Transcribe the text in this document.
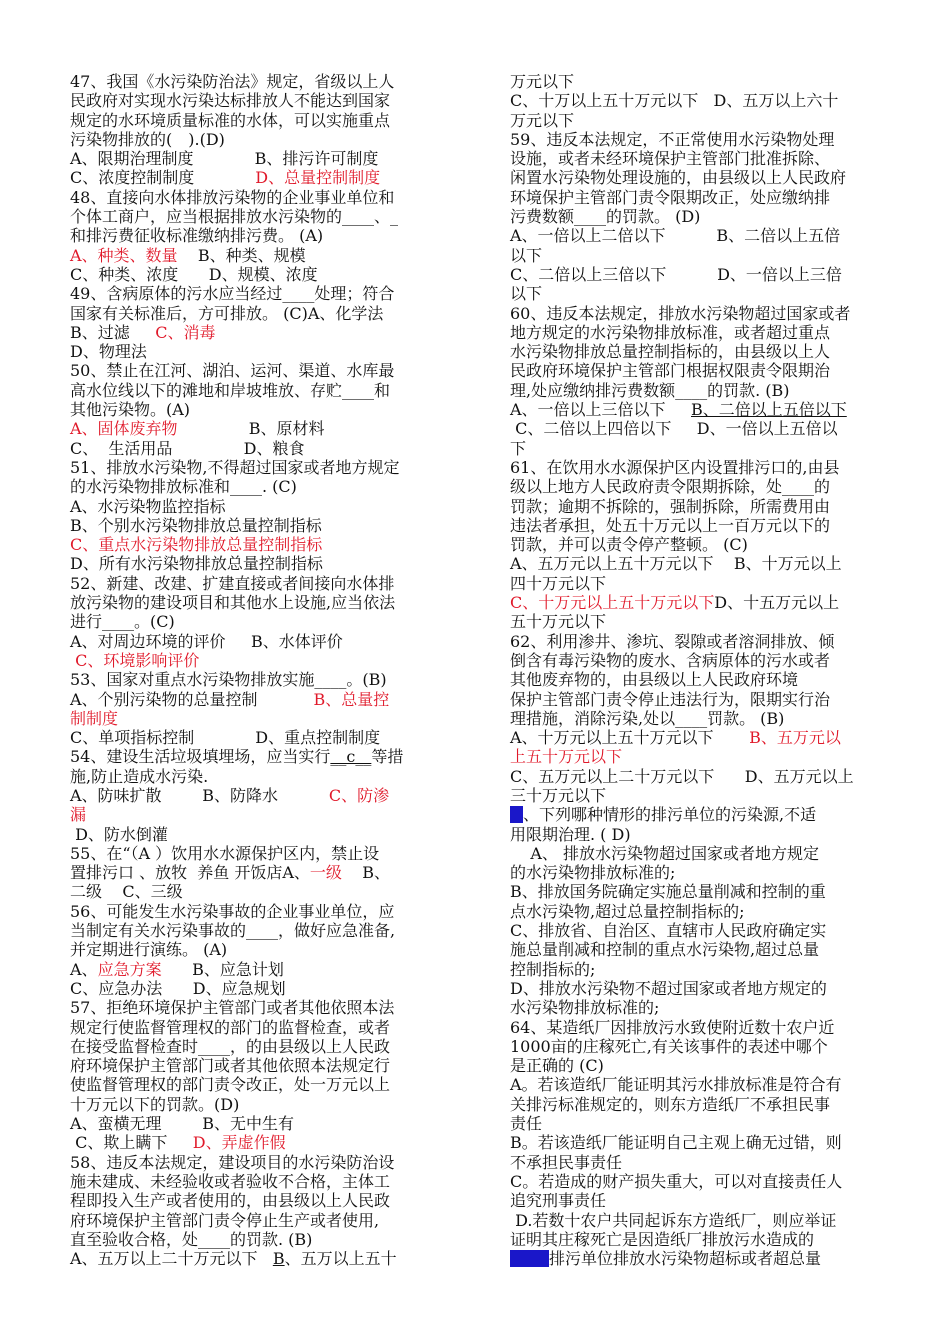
47、我国《水污染防治法》规定，省级以上人
民政府对实现水污染达标排放人不能达到国家
规定的水环境质量标准的水体，可以实施重点
污染物排放的(　).(D)
A、限期治理制度            B、排污许可制度
C、浓度控制制度            D、总量控制制度
48、直接向水体排放污染物的企业事业单位和
个体工商户，应当根据排放水污染物的____、_
和排污费征收标准缴纳排污费。 (A)
A、种类、数量    B、种类、规模
C、种类、浓度      D、规模、浓度
49、含病原体的污水应当经过____处理；符合
国家有关标准后，方可排放。 (C)A、化学法
B、过滤     C、消毒
D、物理法
50、禁止在江河、湖泊、运河、渠道、水库最
高水位线以下的滩地和岸坡堆放、存贮____和
其他污染物。(A)
A、固体废弃物              B、原材料
C、  生活用品              D、粮食
51、排放水污染物,不得超过国家或者地方规定
的水污染物排放标准和____. (C)
A、水污染物监控指标
B、个别水污染物排放总量控制指标
C、重点水污染物排放总量控制指标
D、所有水污染物排放总量控制指标
52、新建、改建、扩建直接或者间接向水体排
放污染物的建设项目和其他水上设施,应当依法
进行____。(C)
A、对周边环境的评价     B、水体评价
C、环境影响评价
53、国家对重点水污染物排放实施____。(B)
A、个别污染物的总量控制           B、总量控
制制度
C、单项指标控制            D、重点控制制度
54、建设生活垃圾填埋场，应当实行__c__等措
施,防止造成水污染.
A、防味扩散        B、防降水          C、防渗
漏
D、防水倒灌
55、在“（A ）饮用水水源保护区内，禁止设
置排污口 、放牧  养鱼 开饭店A、一级    B、
二级    C、三级
56、可能发生水污染事故的企业事业单位，应
当制定有关水污染事故的____，做好应急准备,
并定期进行演练。 (A)
A、应急方案      B、应急计划
C、应急办法      D、应急规划
57、拒绝环境保护主管部门或者其他依照本法
规定行使监督管理权的部门的监督检查，或者
在接受监督检查时____，的由县级以上人民政
府环境保护主管部门或者其他依照本法规定行
使监督管理权的部门责令改正，处一万元以上
十万元以下的罚款。(D)
A、蛮横无理        B、无中生有
C、欺上瞒下     D、弄虚作假
58、违反本法规定，建设项目的水污染防治设
施未建成、未经验收或者验收不合格，主体工
程即投入生产或者使用的，由县级以上人民政
府环境保护主管部门责令停止生产或者使用,
直至验收合格，处____的罚款. (B)
A、五万以上二十万元以下   B、五万以上五十
万元以下
C、十万以上五十万元以下   D、五万以上六十
万元以下
59、违反本法规定，不正常使用水污染物处理
设施，或者未经环境保护主管部门批准拆除、
闲置水污染物处理设施的，由县级以上人民政府
环境保护主管部门责令限期改正，处应缴纳排
污费数额____的罚款。 (D)
A、一倍以上二倍以下          B、二倍以上五倍
以下
C、二倍以上三倍以下          D、一倍以上三倍
以下
60、违反本法规定，排放水污染物超过国家或者
地方规定的水污染物排放标准，或者超过重点
水污染物排放总量控制指标的，由县级以上人
民政府环境保护主管部门根据权限责令限期治
理,处应缴纳排污费数额____的罚款. (B)
A、一倍以上三倍以下     B、二倍以上五倍以下
C、二倍以上四倍以下     D、一倍以上五倍以
下
61、在饮用水水源保护区内设置排污口的,由县
级以上地方人民政府责令限期拆除，处____的
罚款；逾期不拆除的，强制拆除，所需费用由
违法者承担，处五十万元以上一百万元以下的
罚款，并可以责令停产整顿。 (C)
A、五万元以上五十万元以下    B、十万元以上
四十万元以下
C、十万元以上五十万元以下D、十五万元以上
五十万元以下
62、利用渗井、渗坑、裂隙或者溶洞排放、倾
倒含有毒污染物的废水、含病原体的污水或者
其他废弃物的，由县级以上人民政府环境
保护主管部门责令停止违法行为，限期实行治
理措施，消除污染,处以____罚款。 (B)
A、十万元以上五十万元以下       B、五万元以
上五十万元以下
C、五万元以上二十万元以下      D、五万元以上
三十万元以下
、下列哪种情形的排污单位的污染源,不适
用限期治理. ( D)
A、 排放水污染物超过国家或者地方规定
的水污染物排放标准的;
B、排放国务院确定实施总量削减和控制的重
点水污染物,超过总量控制指标的;
C、排放省、自治区、直辖市人民政府确定实
施总量削减和控制的重点水污染物,超过总量
控制指标的;
D、排放水污染物不超过国家或者地方规定的
水污染物排放标准的;
64、某造纸厂因排放污水致使附近数十农户近
1000亩的庄稼死亡,有关该事件的表述中哪个
是正确的 (C)
A。若该造纸厂能证明其污水排放标准是符合有
关排污标准规定的，则东方造纸厂不承担民事
责任
B。若该造纸厂能证明自己主观上确无过错，则
不承担民事责任
C。若造成的财产损失重大，可以对直接责任人
追究刑事责任
D.若数十农户共同起诉东方造纸厂，则应举证
证明其庄稼死亡是因造纸厂排放污水造成的
排污单位排放水污染物超标或者超总量
